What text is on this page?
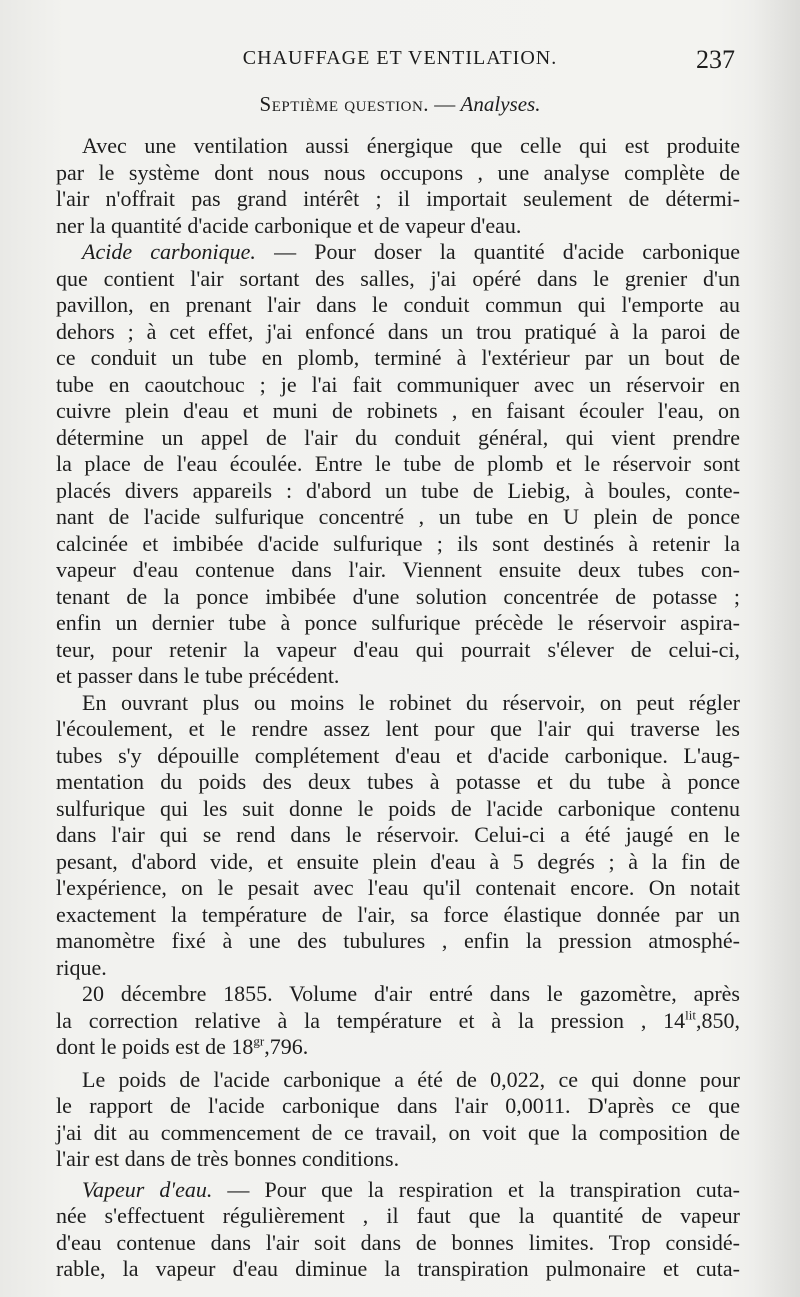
CHAUFFAGE ET VENTILATION.	237
Septième question. — Analyses.

Avec une ventilation aussi énergique que celle qui est produite
par le système dont nous nous occupons , une analyse complète de
l'air n'offrait pas grand intérêt ; il importait seulement de détermi-
ner la quantité d'acide carbonique et de vapeur d'eau.

Acide carbonique. — Pour doser la quantité d'acide carbonique
que contient l'air sortant des salles, j'ai opéré dans le grenier d'un
pavillon, en prenant l'air dans le conduit commun qui l'emporte au
dehors ; à cet effet, j'ai enfoncé dans un trou pratiqué à la paroi de
ce conduit un tube en plomb, terminé à l'extérieur par un bout de
tube en caoutchouc ; je l'ai fait communiquer avec un réservoir en
cuivre plein d'eau et muni de robinets , en faisant écouler l'eau, on
détermine un appel de l'air du conduit général, qui vient prendre
la place de l'eau écoulée. Entre le tube de plomb et le réservoir sont
placés divers appareils : d'abord un tube de Liebig, à boules, conte-
nant de l'acide sulfurique concentré , un tube en U plein de ponce
calcinée et imbibée d'acide sulfurique ; ils sont destinés à retenir la
vapeur d'eau contenue dans l'air. Viennent ensuite deux tubes con-
tenant de la ponce imbibée d'une solution concentrée de potasse ;
enfin un dernier tube à ponce sulfurique précède le réservoir aspira-
teur, pour retenir la vapeur d'eau qui pourrait s'élever de celui-ci,
et passer dans le tube précédent.

En ouvrant plus ou moins le robinet du réservoir, on peut régler
l'écoulement, et le rendre assez lent pour que l'air qui traverse les
tubes s'y dépouille complétement d'eau et d'acide carbonique. L'aug-
mentation du poids des deux tubes à potasse et du tube à ponce
sulfurique qui les suit donne le poids de l'acide carbonique contenu
dans l'air qui se rend dans le réservoir. Celui-ci a été jaugé en le
pesant, d'abord vide, et ensuite plein d'eau à 5 degrés ; à la fin de
l'expérience, on le pesait avec l'eau qu'il contenait encore. On notait
exactement la température de l'air, sa force élastique donnée par un
manomètre fixé à une des tubulures , enfin la pression atmosphé-
rique.

20 décembre 1855. Volume d'air entré dans le gazomètre, après
la correction relative à la température et à la pression , $14^{lit},850$,
dont le poids est de $18^{gr},796$.

Le poids de l'acide carbonique a été de 0,022, ce qui donne pour
le rapport de l'acide carbonique dans l'air 0,0011. D'après ce que
j'ai dit au commencement de ce travail, on voit que la composition de
l'air est dans de très bonnes conditions.

Vapeur d'eau. — Pour que la respiration et la transpiration cuta-
née s'effectuent régulièrement , il faut que la quantité de vapeur
d'eau contenue dans l'air soit dans de bonnes limites. Trop considé-
rable, la vapeur d'eau diminue la transpiration pulmonaire et cuta-
